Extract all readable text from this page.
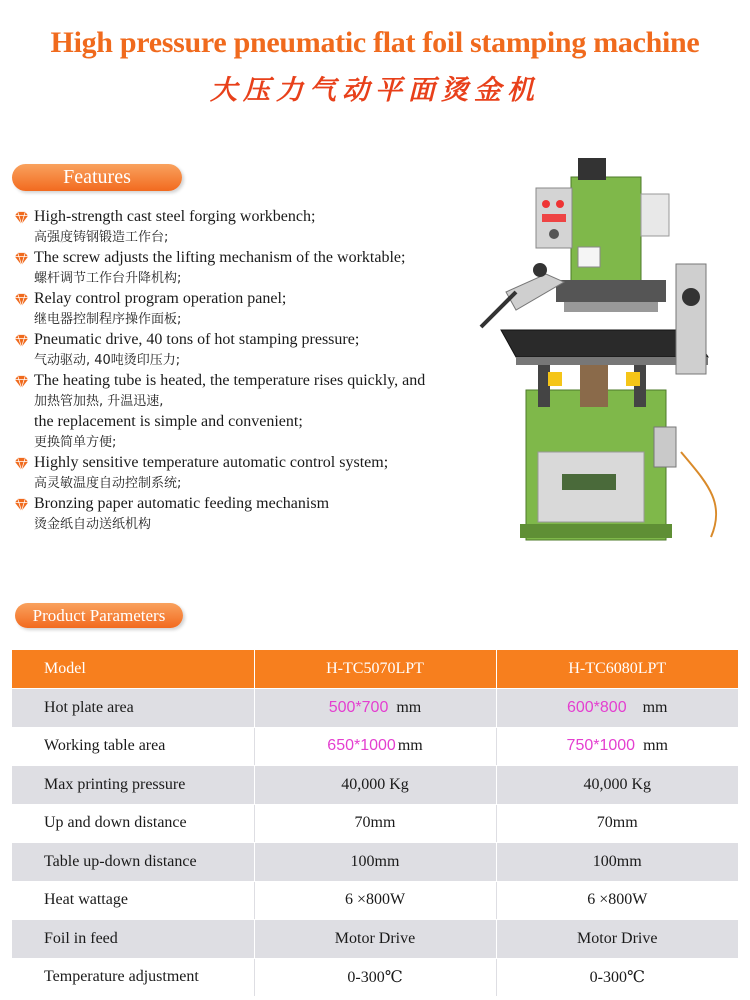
High pressure pneumatic flat foil stamping machine
大压力气动平面烫金机
Features
High-strength cast steel forging workbench;
高强度铸钢锻造工作台;
The screw adjusts the lifting mechanism of the worktable;
螺杆调节工作台升降机构;
Relay control program operation panel;
继电器控制程序操作面板;
Pneumatic drive, 40 tons of hot stamping pressure;
气动驱动, 40吨烫印压力;
The heating tube is heated, the temperature rises quickly, and
加热管加热, 升温迅速,
the replacement is simple and convenient;
更换简单方便;
Highly sensitive temperature automatic control system;
高灵敏温度自动控制系统;
Bronzing paper automatic feeding mechanism
烫金纸自动送纸机构
Product Parameters
Model	H-TC5070LPT	H-TC6080LPT
Hot plate area	500*700 mm	600*800 mm
Working table area	650*1000 mm	750*1000 mm
Max printing pressure	40,000 Kg	40,000 Kg
Up and down distance	70mm	70mm
Table up-down distance	100mm	100mm
Heat wattage	6 ×800W	6 ×800W
Foil in feed	Motor Drive	Motor Drive
Temperature adjustment	0-300℃	0-300℃
